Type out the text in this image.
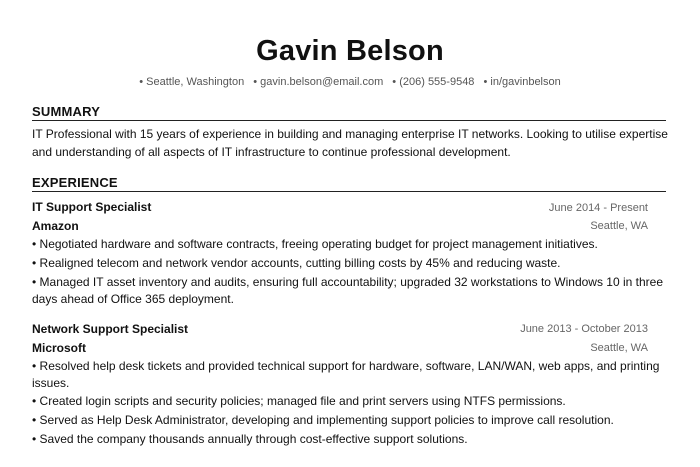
Gavin Belson
• Seattle, Washington • gavin.belson@email.com • (206) 555-9548 • in/gavinbelson
SUMMARY
IT Professional with 15 years of experience in building and managing enterprise IT networks. Looking to utilise expertise and understanding of all aspects of IT infrastructure to continue professional development.
EXPERIENCE
IT Support Specialist	June 2014 - Present
Amazon	Seattle, WA
• Negotiated hardware and software contracts, freeing operating budget for project management initiatives.
• Realigned telecom and network vendor accounts, cutting billing costs by 45% and reducing waste.
• Managed IT asset inventory and audits, ensuring full accountability; upgraded 32 workstations to Windows 10 in three days ahead of Office 365 deployment.
Network Support Specialist	June 2013 - October 2013
Microsoft	Seattle, WA
• Resolved help desk tickets and provided technical support for hardware, software, LAN/WAN, web apps, and printing issues.
• Created login scripts and security policies; managed file and print servers using NTFS permissions.
• Served as Help Desk Administrator, developing and implementing support policies to improve call resolution.
• Saved the company thousands annually through cost-effective support solutions.
